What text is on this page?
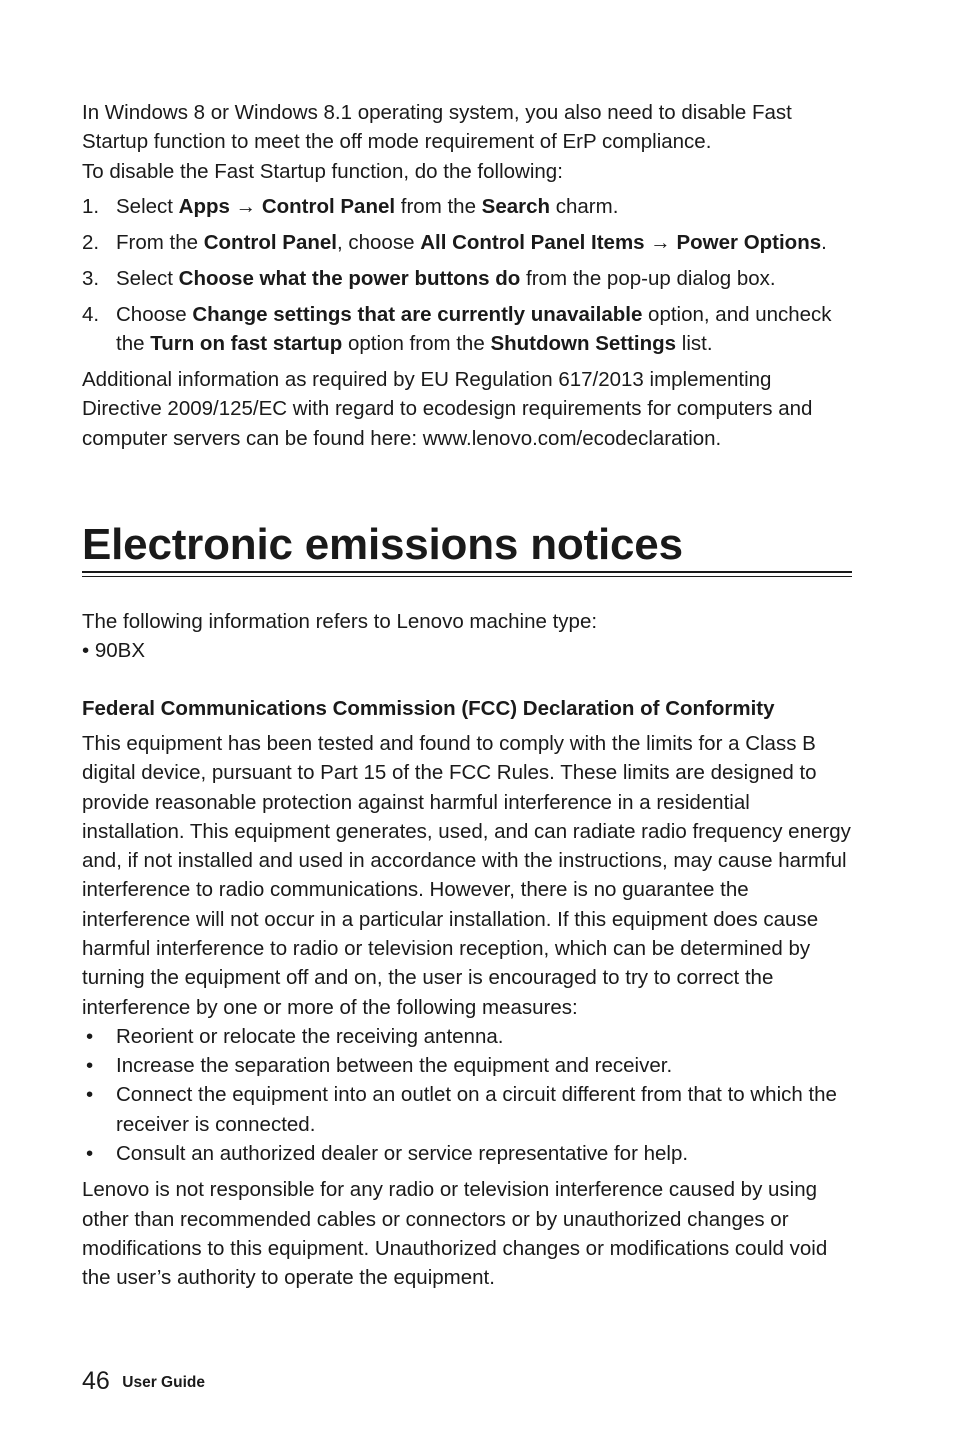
In Windows 8 or Windows 8.1 operating system, you also need to disable Fast Startup function to meet the off mode requirement of ErP compliance.

To disable the Fast Startup function, do the following:

1. Select Apps → Control Panel from the Search charm.
2. From the Control Panel, choose All Control Panel Items → Power Options.
3. Select Choose what the power buttons do from the pop-up dialog box.
4. Choose Change settings that are currently unavailable option, and uncheck the Turn on fast startup option from the Shutdown Settings list.

Additional information as required by EU Regulation 617/2013 implementing Directive 2009/125/EC with regard to ecodesign requirements for computers and computer servers can be found here: www.lenovo.com/ecodeclaration.

Electronic emissions notices

The following information refers to Lenovo machine type:

• 90BX

Federal Communications Commission (FCC) Declaration of Conformity

This equipment has been tested and found to comply with the limits for a Class B digital device, pursuant to Part 15 of the FCC Rules. These limits are designed to provide reasonable protection against harmful interference in a residential installation. This equipment generates, used, and can radiate radio frequency energy and, if not installed and used in accordance with the instructions, may cause harmful interference to radio communications. However, there is no guarantee the interference will not occur in a particular installation. If this equipment does cause harmful interference to radio or television reception, which can be determined by turning the equipment off and on, the user is encouraged to try to correct the interference by one or more of the following measures:

• Reorient or relocate the receiving antenna.
• Increase the separation between the equipment and receiver.
• Connect the equipment into an outlet on a circuit different from that to which the receiver is connected.
• Consult an authorized dealer or service representative for help.

Lenovo is not responsible for any radio or television interference caused by using other than recommended cables or connectors or by unauthorized changes or modifications to this equipment. Unauthorized changes or modifications could void the user’s authority to operate the equipment.

46 User Guide
